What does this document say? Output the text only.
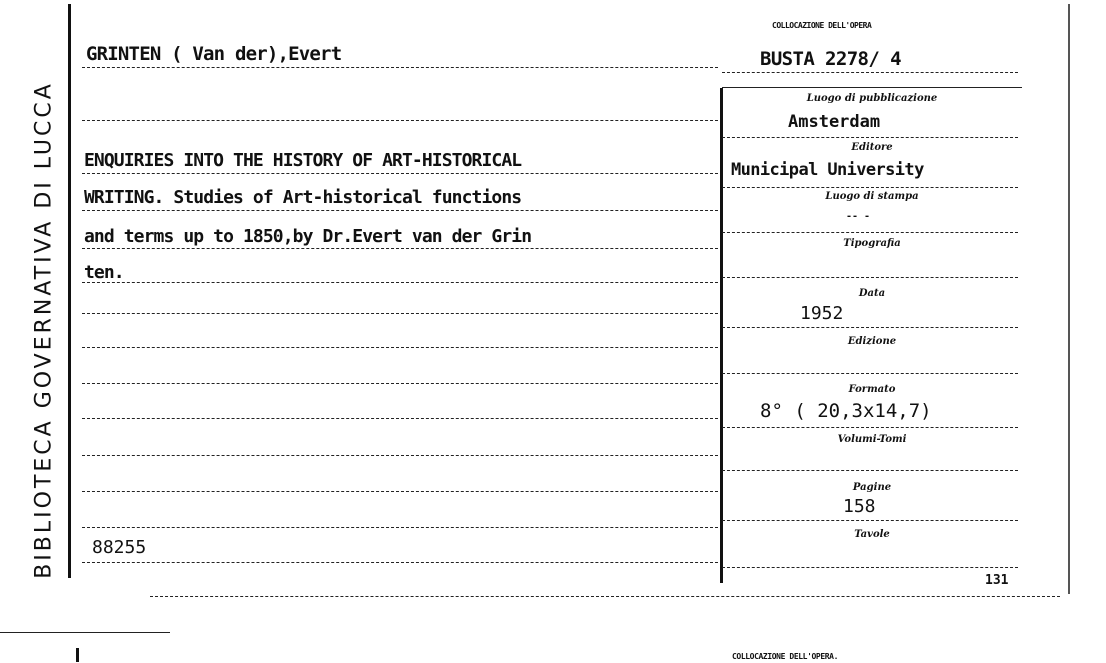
BIBLIOTECA GOVERNATIVA DI LUCCA
COLLOCAZIONE DELL'OPERA
GRINTEN ( Van der),Evert	BUSTA 2278/ 4
ENQUIRIES INTO THE HISTORY OF ART-HISTORICAL
WRITING. Studies of Art-historical functions
and terms up to 1850,by Dr.Evert van der Grin
ten.
88255
Luogo di pubblicazione
Amsterdam
Editore
Municipal University
Luogo di stampa
-- -
Tipografia
Data
1952
Edizione
Formato
8° ( 20,3x14,7)
Volumi-Tomi
Pagine
158
Tavole
131
COLLOCAZIONE DELL'OPERA.
